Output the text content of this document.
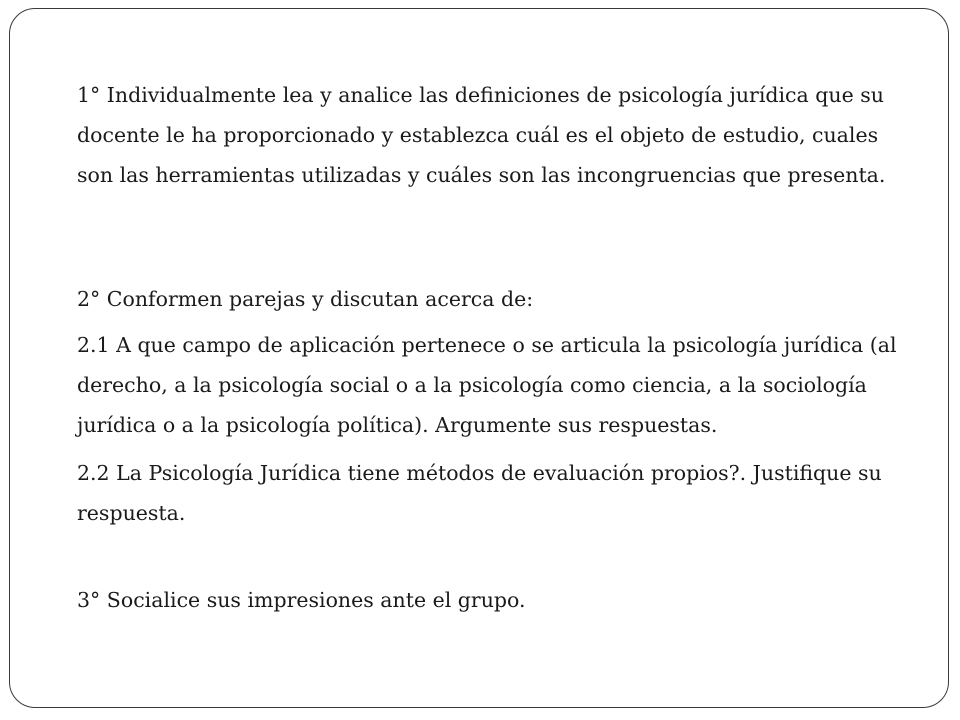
1° Individualmente lea y analice las definiciones de psicología jurídica que su docente le ha proporcionado y establezca cuál es el objeto de estudio, cuales son las herramientas utilizadas y cuáles son las incongruencias que presenta.

2° Conformen parejas y discutan acerca de:

2.1 A que campo de aplicación pertenece o se articula la psicología jurídica (al derecho, a la psicología social o a la psicología como ciencia, a la sociología jurídica o a la psicología política). Argumente sus respuestas.

2.2 La Psicología Jurídica tiene métodos de evaluación propios?. Justifique su respuesta.

3° Socialice sus impresiones ante el grupo.
